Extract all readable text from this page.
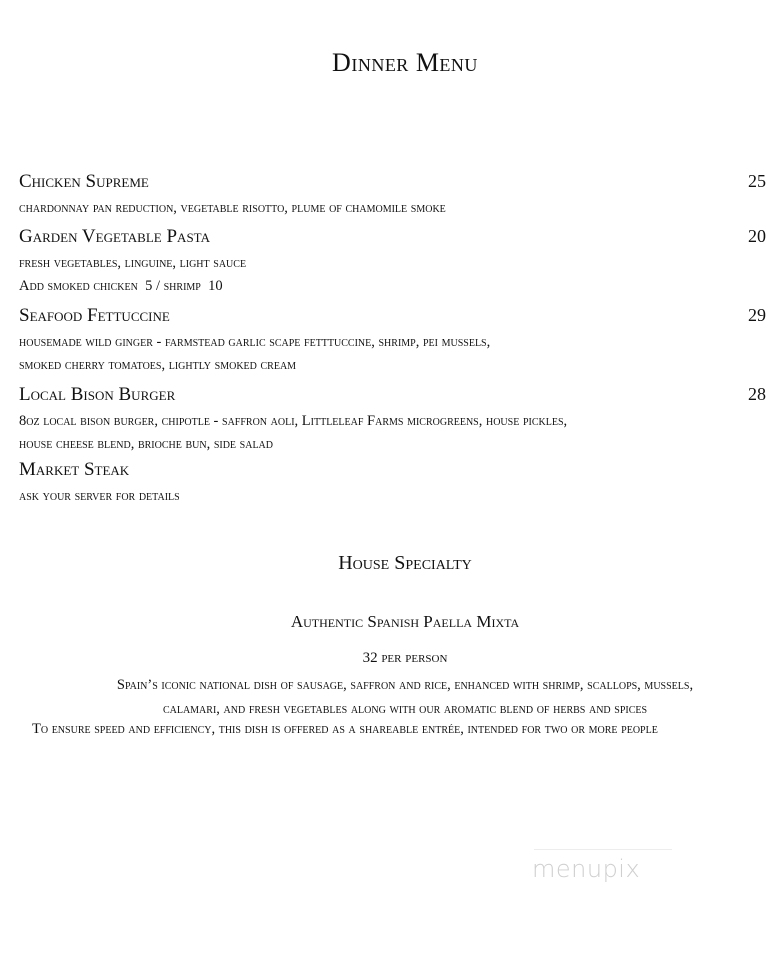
Dinner Menu
Chicken Supreme	25
chardonnay pan reduction, vegetable risotto, plume of chamomile smoke
Garden Vegetable Pasta	20
fresh vegetables, linguine, light sauce
Add smoked chicken  5 / shrimp  10
Seafood Fettuccine	29
housemade wild ginger - farmstead garlic scape fetttuccine, shrimp, pei mussels,
smoked cherry tomatoes, lightly smoked cream
Local Bison Burger	28
8oz local bison burger, chipotle - saffron aoli, Littleleaf Farms microgreens, house pickles,
house cheese blend, brioche bun, side salad
Market Steak
ask your server for details
House Specialty
Authentic Spanish Paella Mixta
32 per person
Spain’s iconic national dish of sausage, saffron and rice, enhanced with shrimp, scallops, mussels,
calamari, and fresh vegetables along with our aromatic blend of herbs and spices
To ensure speed and efficiency, this dish is offered as a shareable entrée, intended for two or more people
menupix
